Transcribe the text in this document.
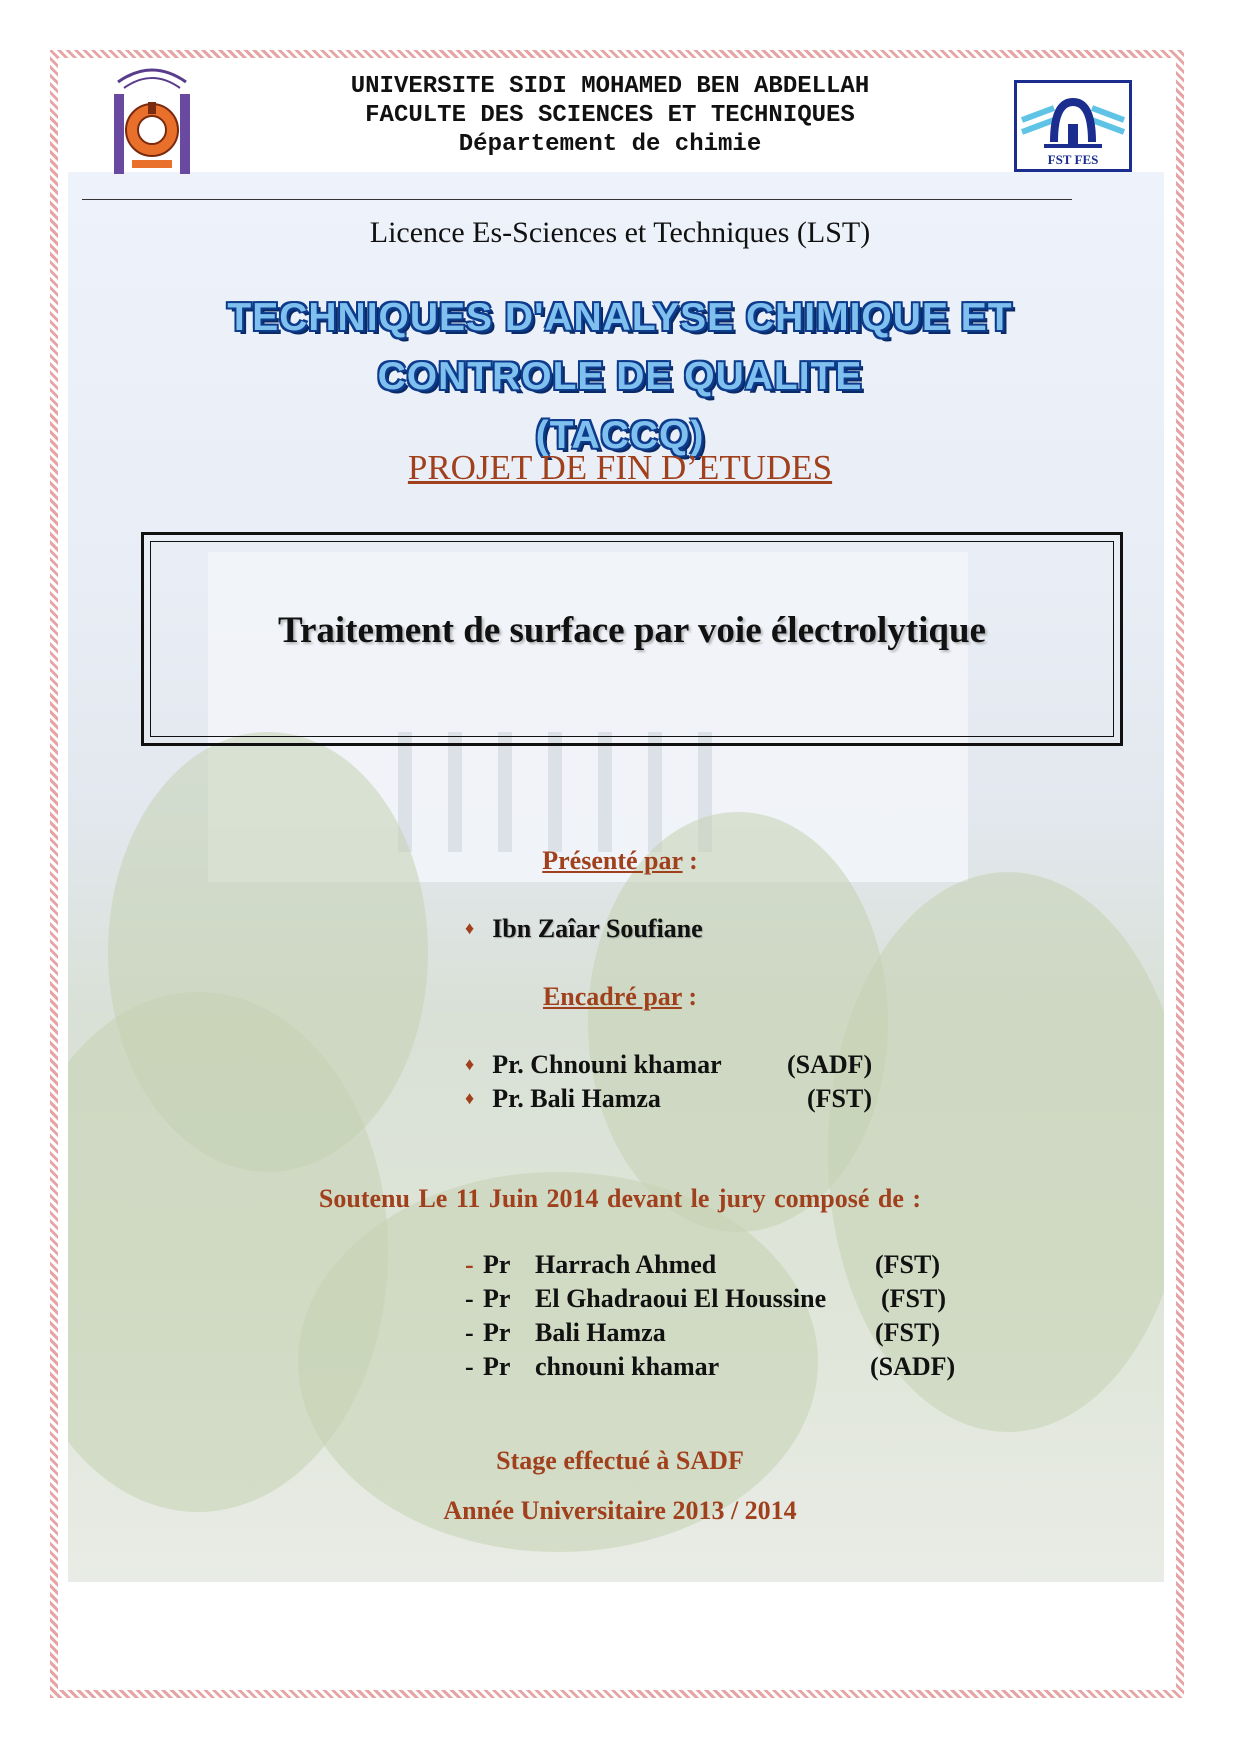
FST FES
UNIVERSITE SIDI MOHAMED BEN ABDELLAH
FACULTE DES SCIENCES ET TECHNIQUES
Département de chimie
Licence Es-Sciences et Techniques (LST)
TECHNIQUES D'ANALYSE CHIMIQUE ET
CONTROLE DE QUALITE
(TACCQ)
PROJET DE FIN D’ETUDES
Traitement de surface par voie électrolytique
Présenté par :
♦ Ibn Zaîar Soufiane
Encadré par :
♦ Pr. Chnouni khamar	(SADF)
♦ Pr. Bali Hamza	(FST)
Soutenu Le 11 Juin 2014 devant le jury composé de :
- Pr Harrach Ahmed	(FST)
- Pr El Ghadraoui El Houssine (FST)
- Pr Bali Hamza	(FST)
- Pr chnouni khamar	(SADF)
Stage effectué à SADF
Année Universitaire 2013 / 2014
